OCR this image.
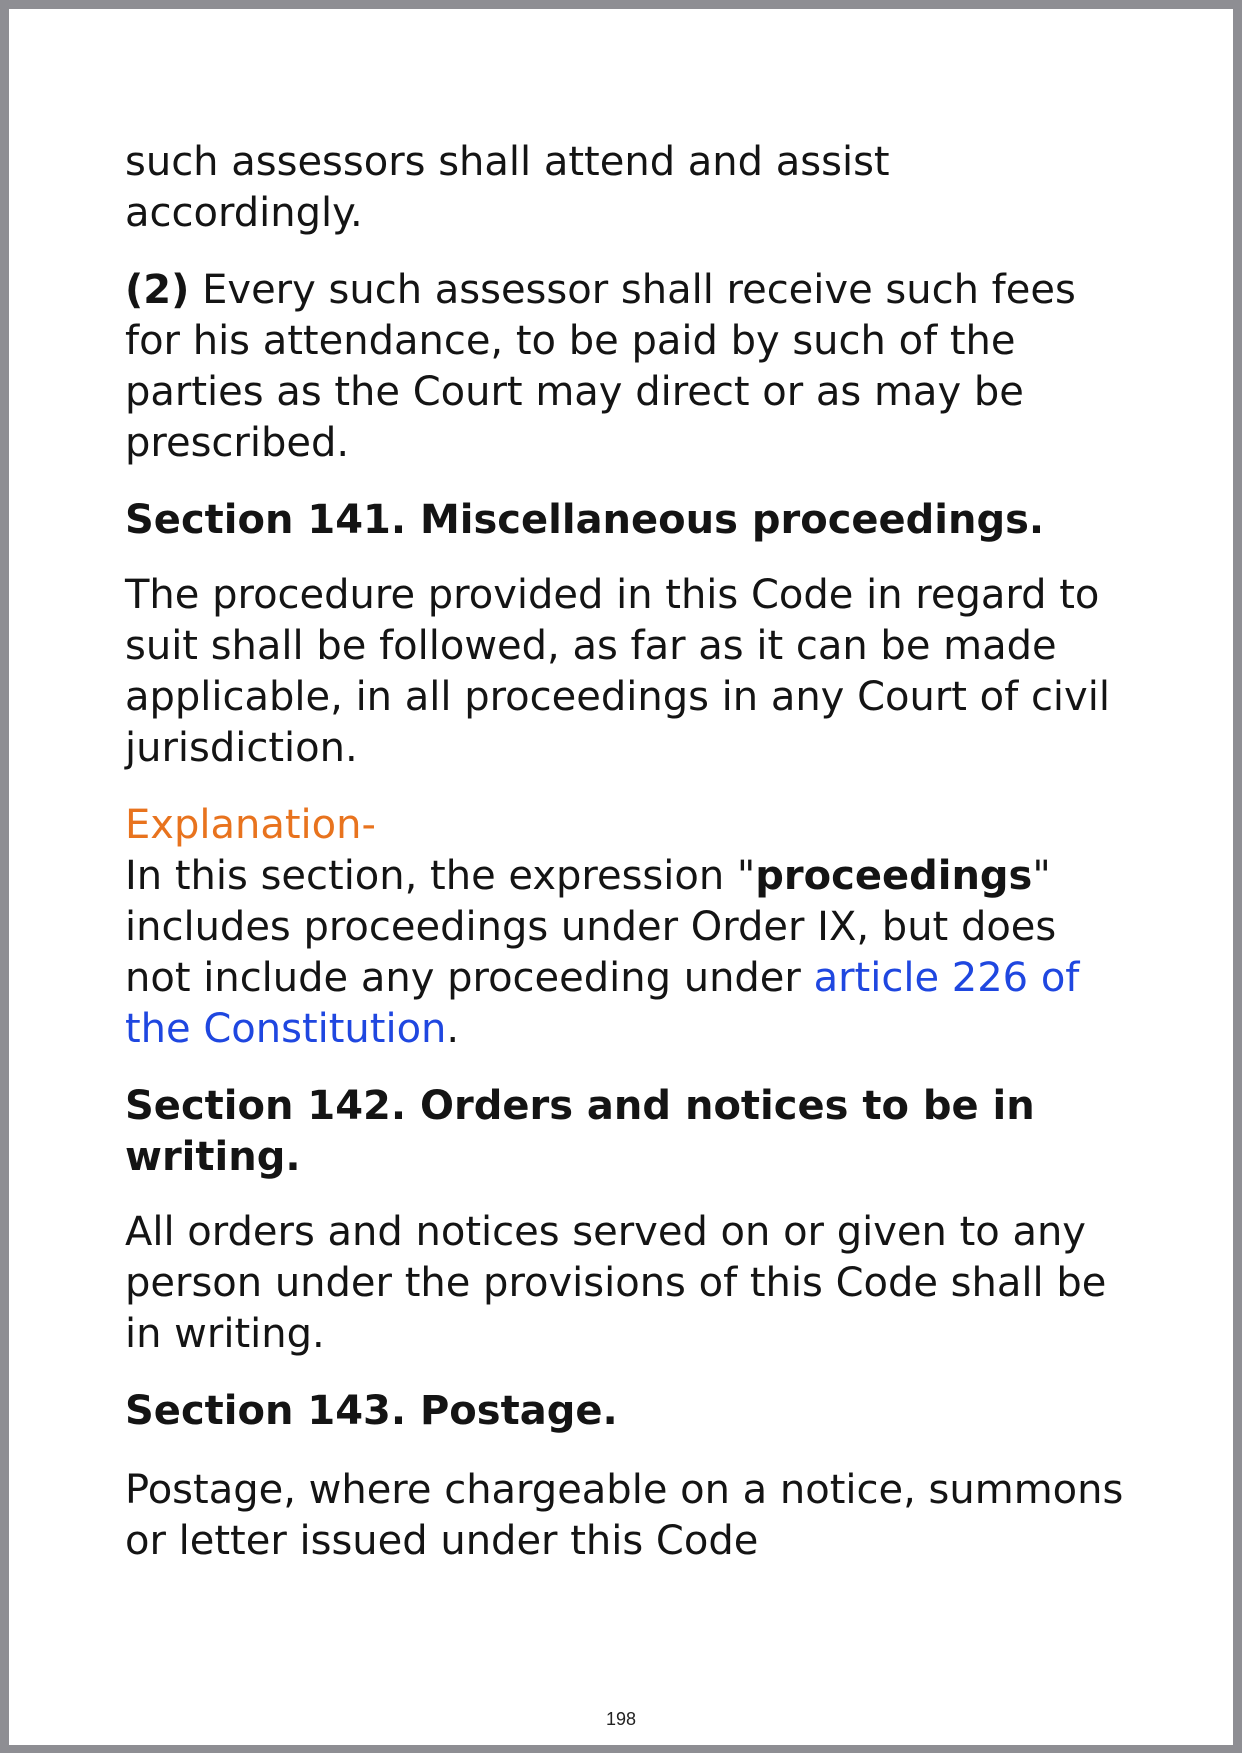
such assessors shall attend and assist accordingly.

(2) Every such assessor shall receive such fees for his attendance, to be paid by such of the parties as the Court may direct or as may be prescribed.

Section 141. Miscellaneous proceedings.

The procedure provided in this Code in regard to suit shall be followed, as far as it can be made applicable, in all proceedings in any Court of civil jurisdiction.

Explanation-
In this section, the expression "proceedings" includes proceedings under Order IX, but does not include any proceeding under article 226 of the Constitution.

Section 142. Orders and notices to be in writing.

All orders and notices served on or given to any person under the provisions of this Code shall be in writing.

Section 143. Postage.

Postage, where chargeable on a notice, summons or letter issued under this Code

198
